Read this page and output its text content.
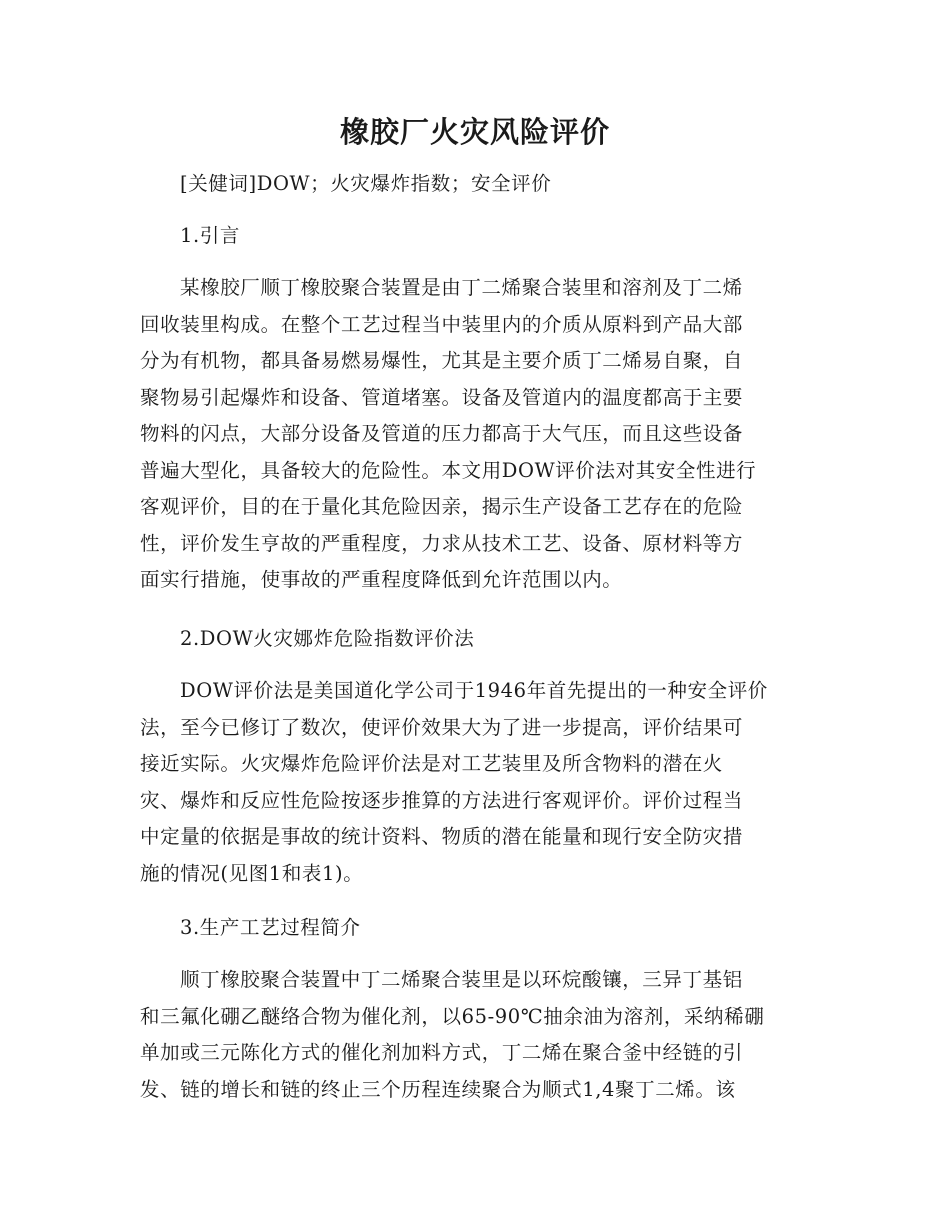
橡胶厂火灾风险评价

[关健词]DOW；火灾爆炸指数；安全评价

1.引言

某橡胶厂顺丁橡胶聚合装置是由丁二烯聚合装里和溶剂及丁二烯
回收装里构成。在整个工艺过程当中装里内的介质从原料到产品大部
分为有机物，都具备易燃易爆性，尤其是主要介质丁二烯易自聚，自
聚物易引起爆炸和设备、管道堵塞。设备及管道内的温度都高于主要
物料的闪点，大部分设备及管道的压力都高于大气压，而且这些设备
普遍大型化，具备较大的危险性。本文用DOW评价法对其安全性进行
客观评价，目的在于量化其危险因亲，揭示生产设备工艺存在的危险
性，评价发生亨故的严重程度，力求从技术工艺、设备、原材料等方
面实行措施，使事故的严重程度降低到允许范围以内。

2.DOW火灾娜炸危险指数评价法

DOW评价法是美国道化学公司于1946年首先提出的一种安全评价
法，至今已修订了数次，使评价效果大为了进一步提高，评价结果可
接近实际。火灾爆炸危险评价法是对工艺装里及所含物料的潜在火
灾、爆炸和反应性危险按逐步推算的方法进行客观评价。评价过程当
中定量的依据是事故的统计资料、物质的潜在能量和现行安全防灾措
施的情况(见图1和表1)。

3.生产工艺过程简介

顺丁橡胶聚合装置中丁二烯聚合装里是以环烷酸镶，三异丁基铝
和三氟化硼乙醚络合物为催化剂，以65-90℃抽余油为溶剂，采纳稀硼
单加或三元陈化方式的催化剂加料方式，丁二烯在聚合釜中经链的引
发、链的增长和链的终止三个历程连续聚合为顺式1,4聚丁二烯。该
